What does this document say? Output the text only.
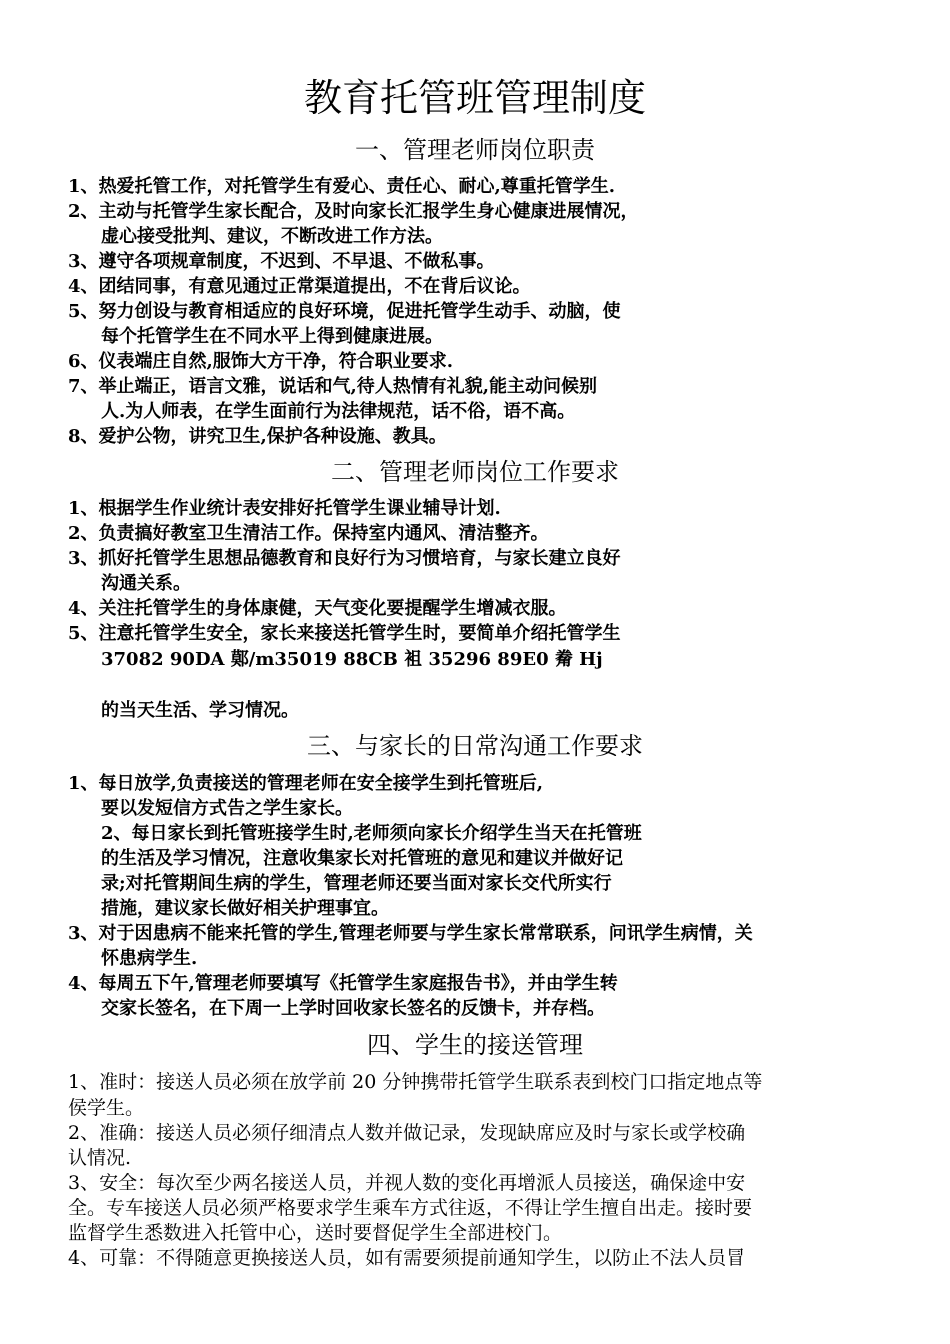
教育托管班管理制度
一、管理老师岗位职责
1、热爱托管工作，对托管学生有爱心、责任心、耐心,尊重托管学生.
2、主动与托管学生家长配合，及时向家长汇报学生身心健康进展情况，
虚心接受批判、建议，不断改进工作方法。
3、遵守各项规章制度，不迟到、不早退、不做私事。
4、团结同事，有意见通过正常渠道提出，不在背后议论。
5、努力创设与教育相适应的良好环境，促进托管学生动手、动脑，使
每个托管学生在不同水平上得到健康进展。
6、仪表端庄自然,服饰大方干净，符合职业要求.
7、举止端正，语言文雅，说话和气,待人热情有礼貌,能主动问候别
人.为人师表，在学生面前行为法律规范，话不俗，语不高。
8、爱护公物，讲究卫生,保护各种设施、教具。
二、管理老师岗位工作要求
1、根据学生作业统计表安排好托管学生课业辅导计划.
2、负责搞好教室卫生清洁工作。保持室内通风、清洁整齐。
3、抓好托管学生思想品德教育和良好行为习惯培育，与家长建立良好
沟通关系。
4、关注托管学生的身体康健，天气变化要提醒学生增减衣服。
5、注意托管学生安全，家长来接送托管学生时，要简单介绍托管学生
37082 90DA 鄚/m35019 88CB 袓 35296 89E0 觠 Hj
的当天生活、学习情况。
三、与家长的日常沟通工作要求
1、每日放学,负责接送的管理老师在安全接学生到托管班后,
要以发短信方式告之学生家长。
2、每日家长到托管班接学生时,老师须向家长介绍学生当天在托管班
的生活及学习情况，注意收集家长对托管班的意见和建议并做好记
录;对托管期间生病的学生，管理老师还要当面对家长交代所实行
措施，建议家长做好相关护理事宜。
3、对于因患病不能来托管的学生,管理老师要与学生家长常常联系，问讯学生病情，关
怀患病学生.
4、每周五下午,管理老师要填写《托管学生家庭报告书》，并由学生转
交家长签名，在下周一上学时回收家长签名的反馈卡，并存档。
四、学生的接送管理
1、准时：接送人员必须在放学前 20 分钟携带托管学生联系表到校门口指定地点等
侯学生。
2、准确：接送人员必须仔细清点人数并做记录，发现缺席应及时与家长或学校确
认情况.
3、安全：每次至少两名接送人员，并视人数的变化再增派人员接送，确保途中安
全。专车接送人员必须严格要求学生乘车方式往返，不得让学生擅自出走。接时要
监督学生悉数进入托管中心，送时要督促学生全部进校门。
4、可靠：不得随意更换接送人员，如有需要须提前通知学生，以防止不法人员冒
